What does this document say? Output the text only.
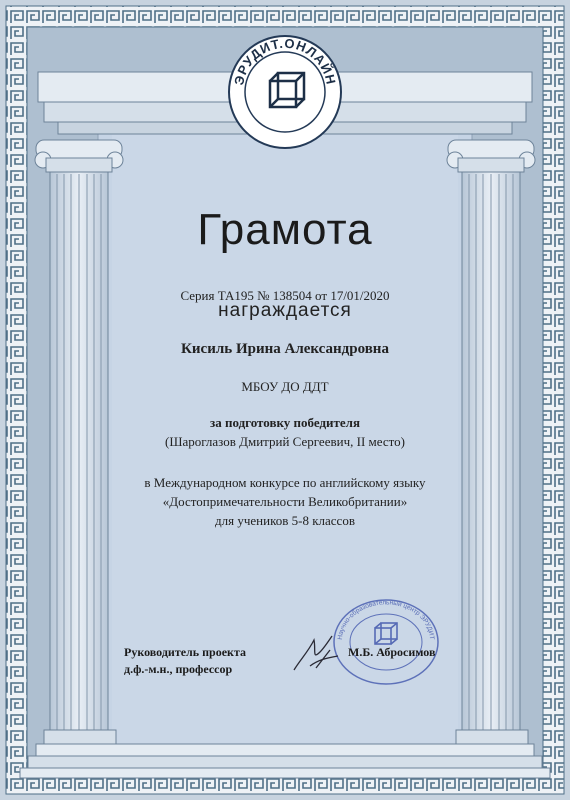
ЭРУДИТ.ОНЛАЙН
Грамота
Серия ТА195 № 138504 от 17/01/2020
награждается
Кисиль Ирина Александровна
МБОУ ДО ДДТ
за подготовку победителя
(Шароглазов Дмитрий Сергеевич, II место)
в Международном конкурсе по английскому языку
«Достопримечательности Великобритании»
для учеников 5-8 классов
Научно-образовательный центр ЭРУДИТ
Руководитель проекта
д.ф.-м.н., профессор
М.Б. Абросимов
